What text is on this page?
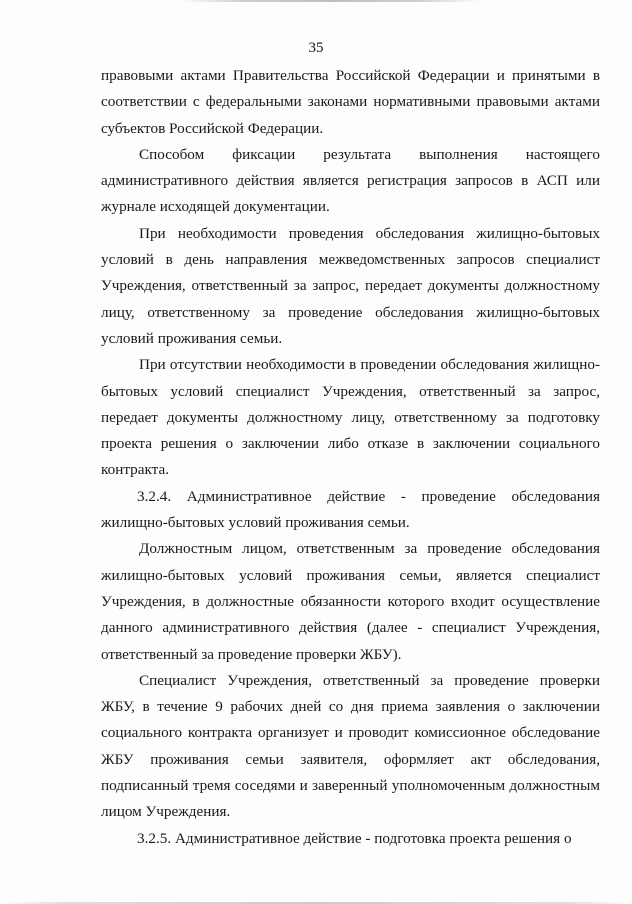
35

правовыми актами Правительства Российской Федерации и принятыми в соответствии с федеральными законами нормативными правовыми актами субъектов Российской Федерации.

Способом фиксации результата выполнения настоящего административного действия является регистрация запросов в АСП или журнале исходящей документации.

При необходимости проведения обследования жилищно-бытовых условий в день направления межведомственных запросов специалист Учреждения, ответственный за запрос, передает документы должностному лицу, ответственному за проведение обследования жилищно-бытовых условий проживания семьи.

При отсутствии необходимости в проведении обследования жилищно-бытовых условий специалист Учреждения, ответственный за запрос, передает документы должностному лицу, ответственному за подготовку проекта решения о заключении либо отказе в заключении социального контракта.

3.2.4. Административное действие - проведение обследования жилищно-бытовых условий проживания семьи.

Должностным лицом, ответственным за проведение обследования жилищно-бытовых условий проживания семьи, является специалист Учреждения, в должностные обязанности которого входит осуществление данного административного действия (далее - специалист Учреждения, ответственный за проведение проверки ЖБУ).

Специалист Учреждения, ответственный за проведение проверки ЖБУ, в течение 9 рабочих дней со дня приема заявления о заключении социального контракта организует и проводит комиссионное обследование ЖБУ проживания семьи заявителя, оформляет акт обследования, подписанный тремя соседями и заверенный уполномоченным должностным лицом Учреждения.

3.2.5. Административное действие - подготовка проекта решения о
